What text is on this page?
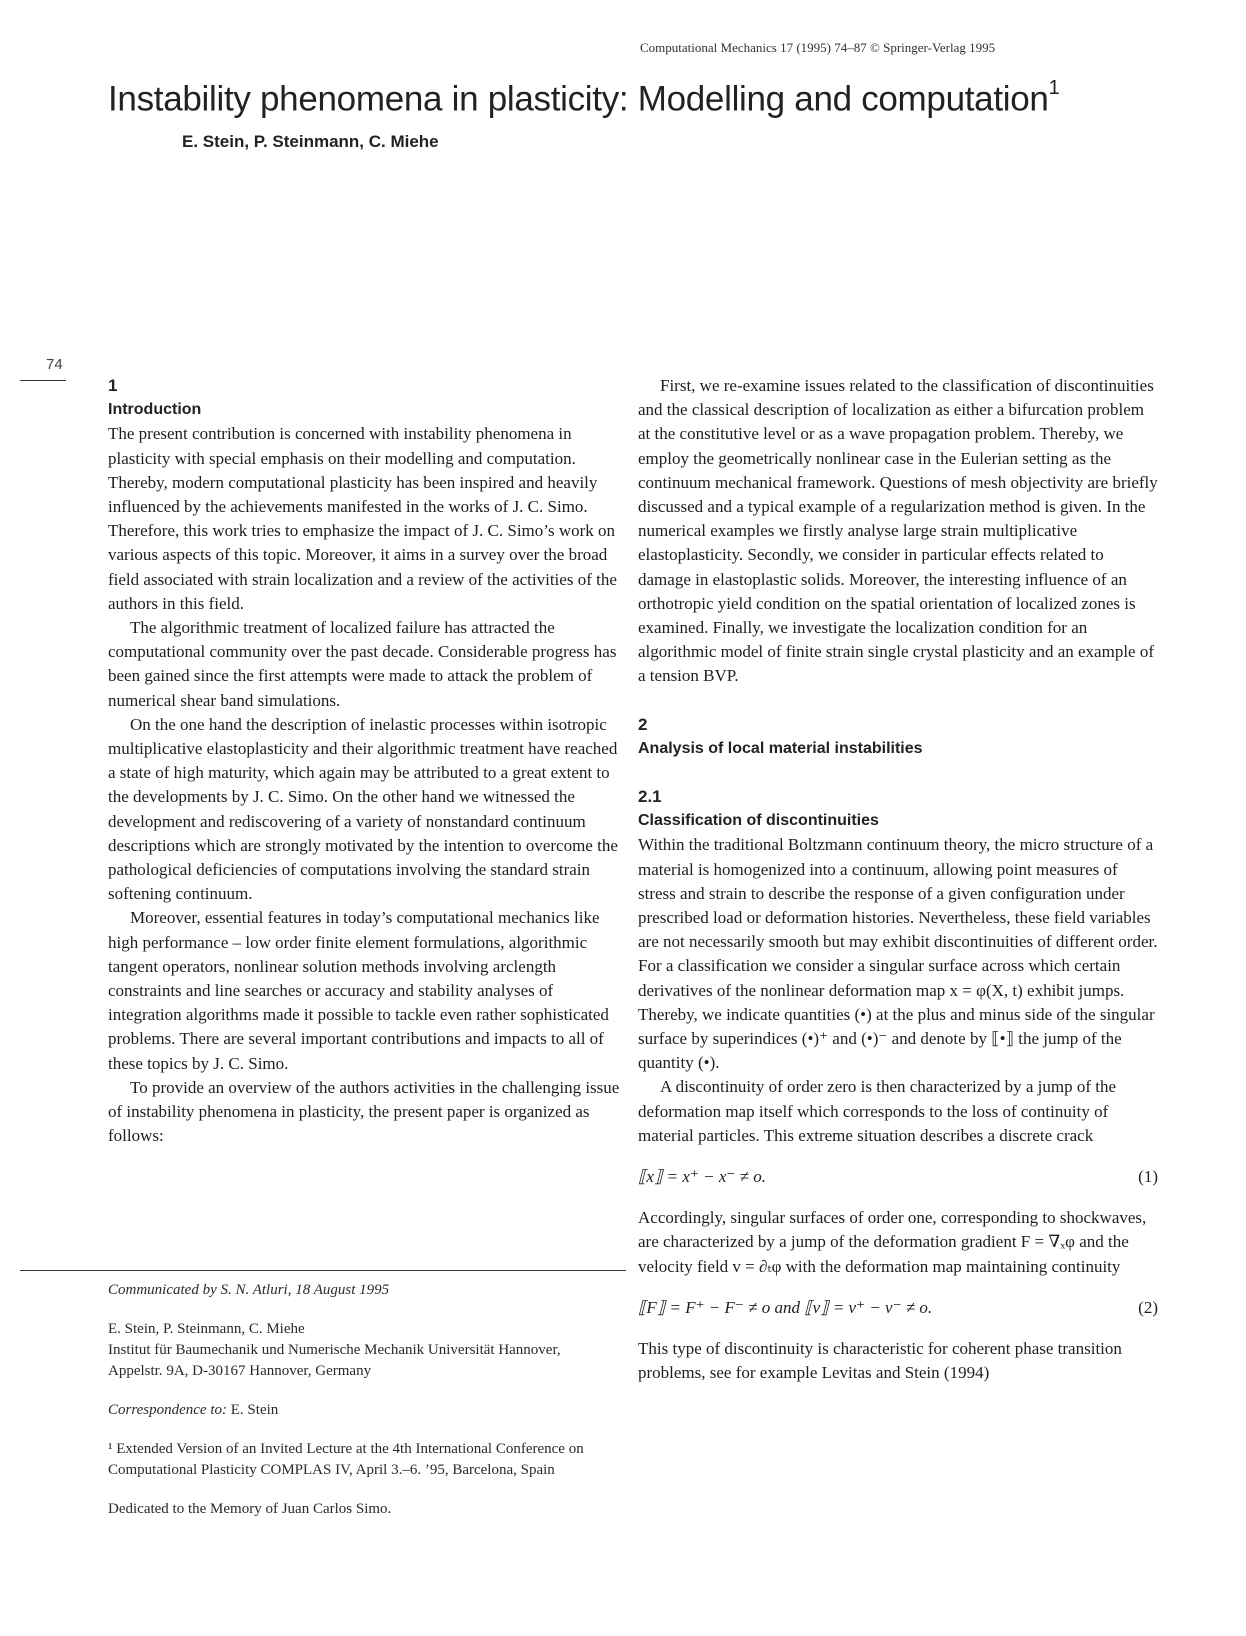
Computational Mechanics 17 (1995) 74–87 © Springer-Verlag 1995
Instability phenomena in plasticity: Modelling and computation$^1$
E. Stein, P. Steinmann, C. Miehe
74
1
Introduction

The present contribution is concerned with instability phenomena in plasticity with special emphasis on their modelling and computation. Thereby, modern computational plasticity has been inspired and heavily influenced by the achievements manifested in the works of J. C. Simo. Therefore, this work tries to emphasize the impact of J. C. Simo’s work on various aspects of this topic. Moreover, it aims in a survey over the broad field associated with strain localization and a review of the activities of the authors in this field.

The algorithmic treatment of localized failure has attracted the computational community over the past decade. Considerable progress has been gained since the first attempts were made to attack the problem of numerical shear band simulations.

On the one hand the description of inelastic processes within isotropic multiplicative elastoplasticity and their algorithmic treatment have reached a state of high maturity, which again may be attributed to a great extent to the developments by J. C. Simo. On the other hand we witnessed the development and rediscovering of a variety of nonstandard continuum descriptions which are strongly motivated by the intention to overcome the pathological deficiencies of computations involving the standard strain softening continuum.

Moreover, essential features in today’s computational mechanics like high performance – low order finite element formulations, algorithmic tangent operators, nonlinear solution methods involving arclength constraints and line searches or accuracy and stability analyses of integration algorithms made it possible to tackle even rather sophisticated problems. There are several important contributions and impacts to all of these topics by J. C. Simo.

To provide an overview of the authors activities in the challenging issue of instability phenomena in plasticity, the present paper is organized as follows:

First, we re-examine issues related to the classification of discontinuities and the classical description of localization as either a bifurcation problem at the constitutive level or as a wave propagation problem. Thereby, we employ the geometrically nonlinear case in the Eulerian setting as the continuum mechanical framework. Questions of mesh objectivity are briefly discussed and a typical example of a regularization method is given. In the numerical examples we firstly analyse large strain multiplicative elastoplasticity. Secondly, we consider in particular effects related to damage in elastoplastic solids. Moreover, the interesting influence of an orthotropic yield condition on the spatial orientation of localized zones is examined. Finally, we investigate the localization condition for an algorithmic model of finite strain single crystal plasticity and an example of a tension BVP.

2
Analysis of local material instabilities
2.1
Classification of discontinuities

Within the traditional Boltzmann continuum theory, the micro structure of a material is homogenized into a continuum, allowing point measures of stress and strain to describe the response of a given configuration under prescribed load or deformation histories. Nevertheless, these field variables are not necessarily smooth but may exhibit discontinuities of different order. For a classification we consider a singular surface across which certain derivatives of the nonlinear deformation map x = φ(X, t) exhibit jumps. Thereby, we indicate quantities (•) at the plus and minus side of the singular surface by superindices (•)⁺ and (•)⁻ and denote by ⟦•⟧ the jump of the quantity (•).

A discontinuity of order zero is then characterized by a jump of the deformation map itself which corresponds to the loss of continuity of material particles. This extreme situation describes a discrete crack

⟦x⟧ = x⁺ − x⁻ ≠ o.	(1)

Accordingly, singular surfaces of order one, corresponding to shockwaves, are characterized by a jump of the deformation gradient F = ∇ₓφ and the velocity field v = ∂ₜφ with the deformation map maintaining continuity

⟦F⟧ = F⁺ − F⁻ ≠ o and ⟦v⟧ = v⁺ − v⁻ ≠ o.	(2)

This type of discontinuity is characteristic for coherent phase transition problems, see for example Levitas and Stein (1994)

Communicated by S. N. Atluri, 18 August 1995

E. Stein, P. Steinmann, C. Miehe

Institut für Baumechanik und Numerische Mechanik Universität Hannover, Appelstr. 9A, D-30167 Hannover, Germany

Correspondence to: E. Stein

¹ Extended Version of an Invited Lecture at the 4th International Conference on Computational Plasticity COMPLAS IV, April 3.–6. ’95, Barcelona, Spain

Dedicated to the Memory of Juan Carlos Simo.
